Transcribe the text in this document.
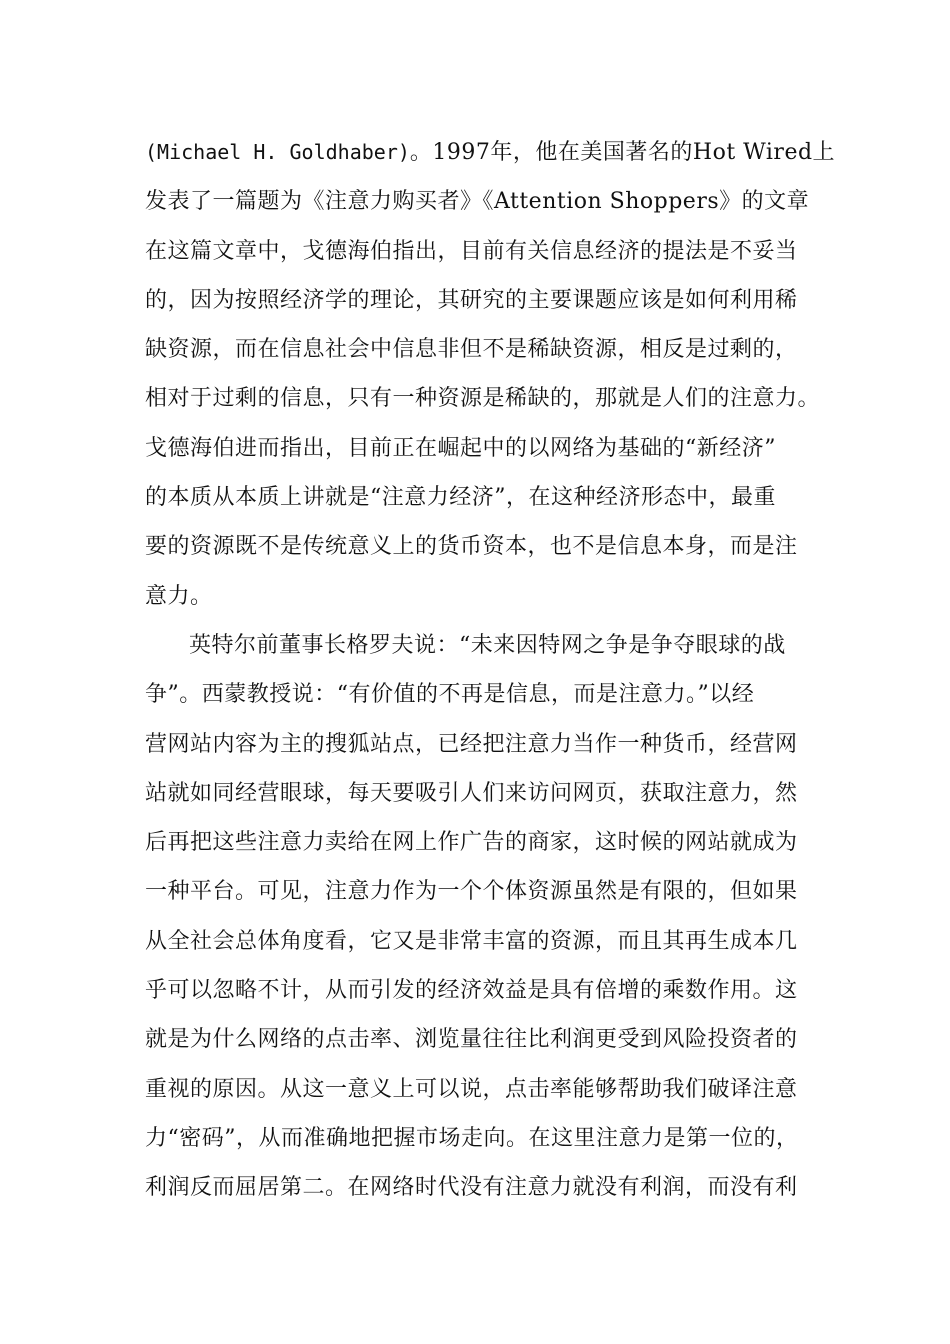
(Michael H. Goldhaber)。1997年，他在美国著名的Hot Wired上
发表了一篇题为《注意力购买者》《Attention Shoppers》的文章
在这篇文章中，戈德海伯指出，目前有关信息经济的提法是不妥当
的，因为按照经济学的理论，其研究的主要课题应该是如何利用稀
缺资源，而在信息社会中信息非但不是稀缺资源，相反是过剩的，
相对于过剩的信息，只有一种资源是稀缺的，那就是人们的注意力。
戈德海伯进而指出，目前正在崛起中的以网络为基础的“新经济”
的本质从本质上讲就是“注意力经济”，在这种经济形态中，最重
要的资源既不是传统意义上的货币资本，也不是信息本身，而是注
意力。
英特尔前董事长格罗夫说：“未来因特网之争是争夺眼球的战
争”。西蒙教授说：“有价值的不再是信息，而是注意力。”以经
营网站内容为主的搜狐站点，已经把注意力当作一种货币，经营网
站就如同经营眼球，每天要吸引人们来访问网页，获取注意力，然
后再把这些注意力卖给在网上作广告的商家，这时候的网站就成为
一种平台。可见，注意力作为一个个体资源虽然是有限的，但如果
从全社会总体角度看，它又是非常丰富的资源，而且其再生成本几
乎可以忽略不计，从而引发的经济效益是具有倍增的乘数作用。这
就是为什么网络的点击率、浏览量往往比利润更受到风险投资者的
重视的原因。从这一意义上可以说，点击率能够帮助我们破译注意
力“密码”，从而准确地把握市场走向。在这里注意力是第一位的，
利润反而屈居第二。在网络时代没有注意力就没有利润，而没有利
